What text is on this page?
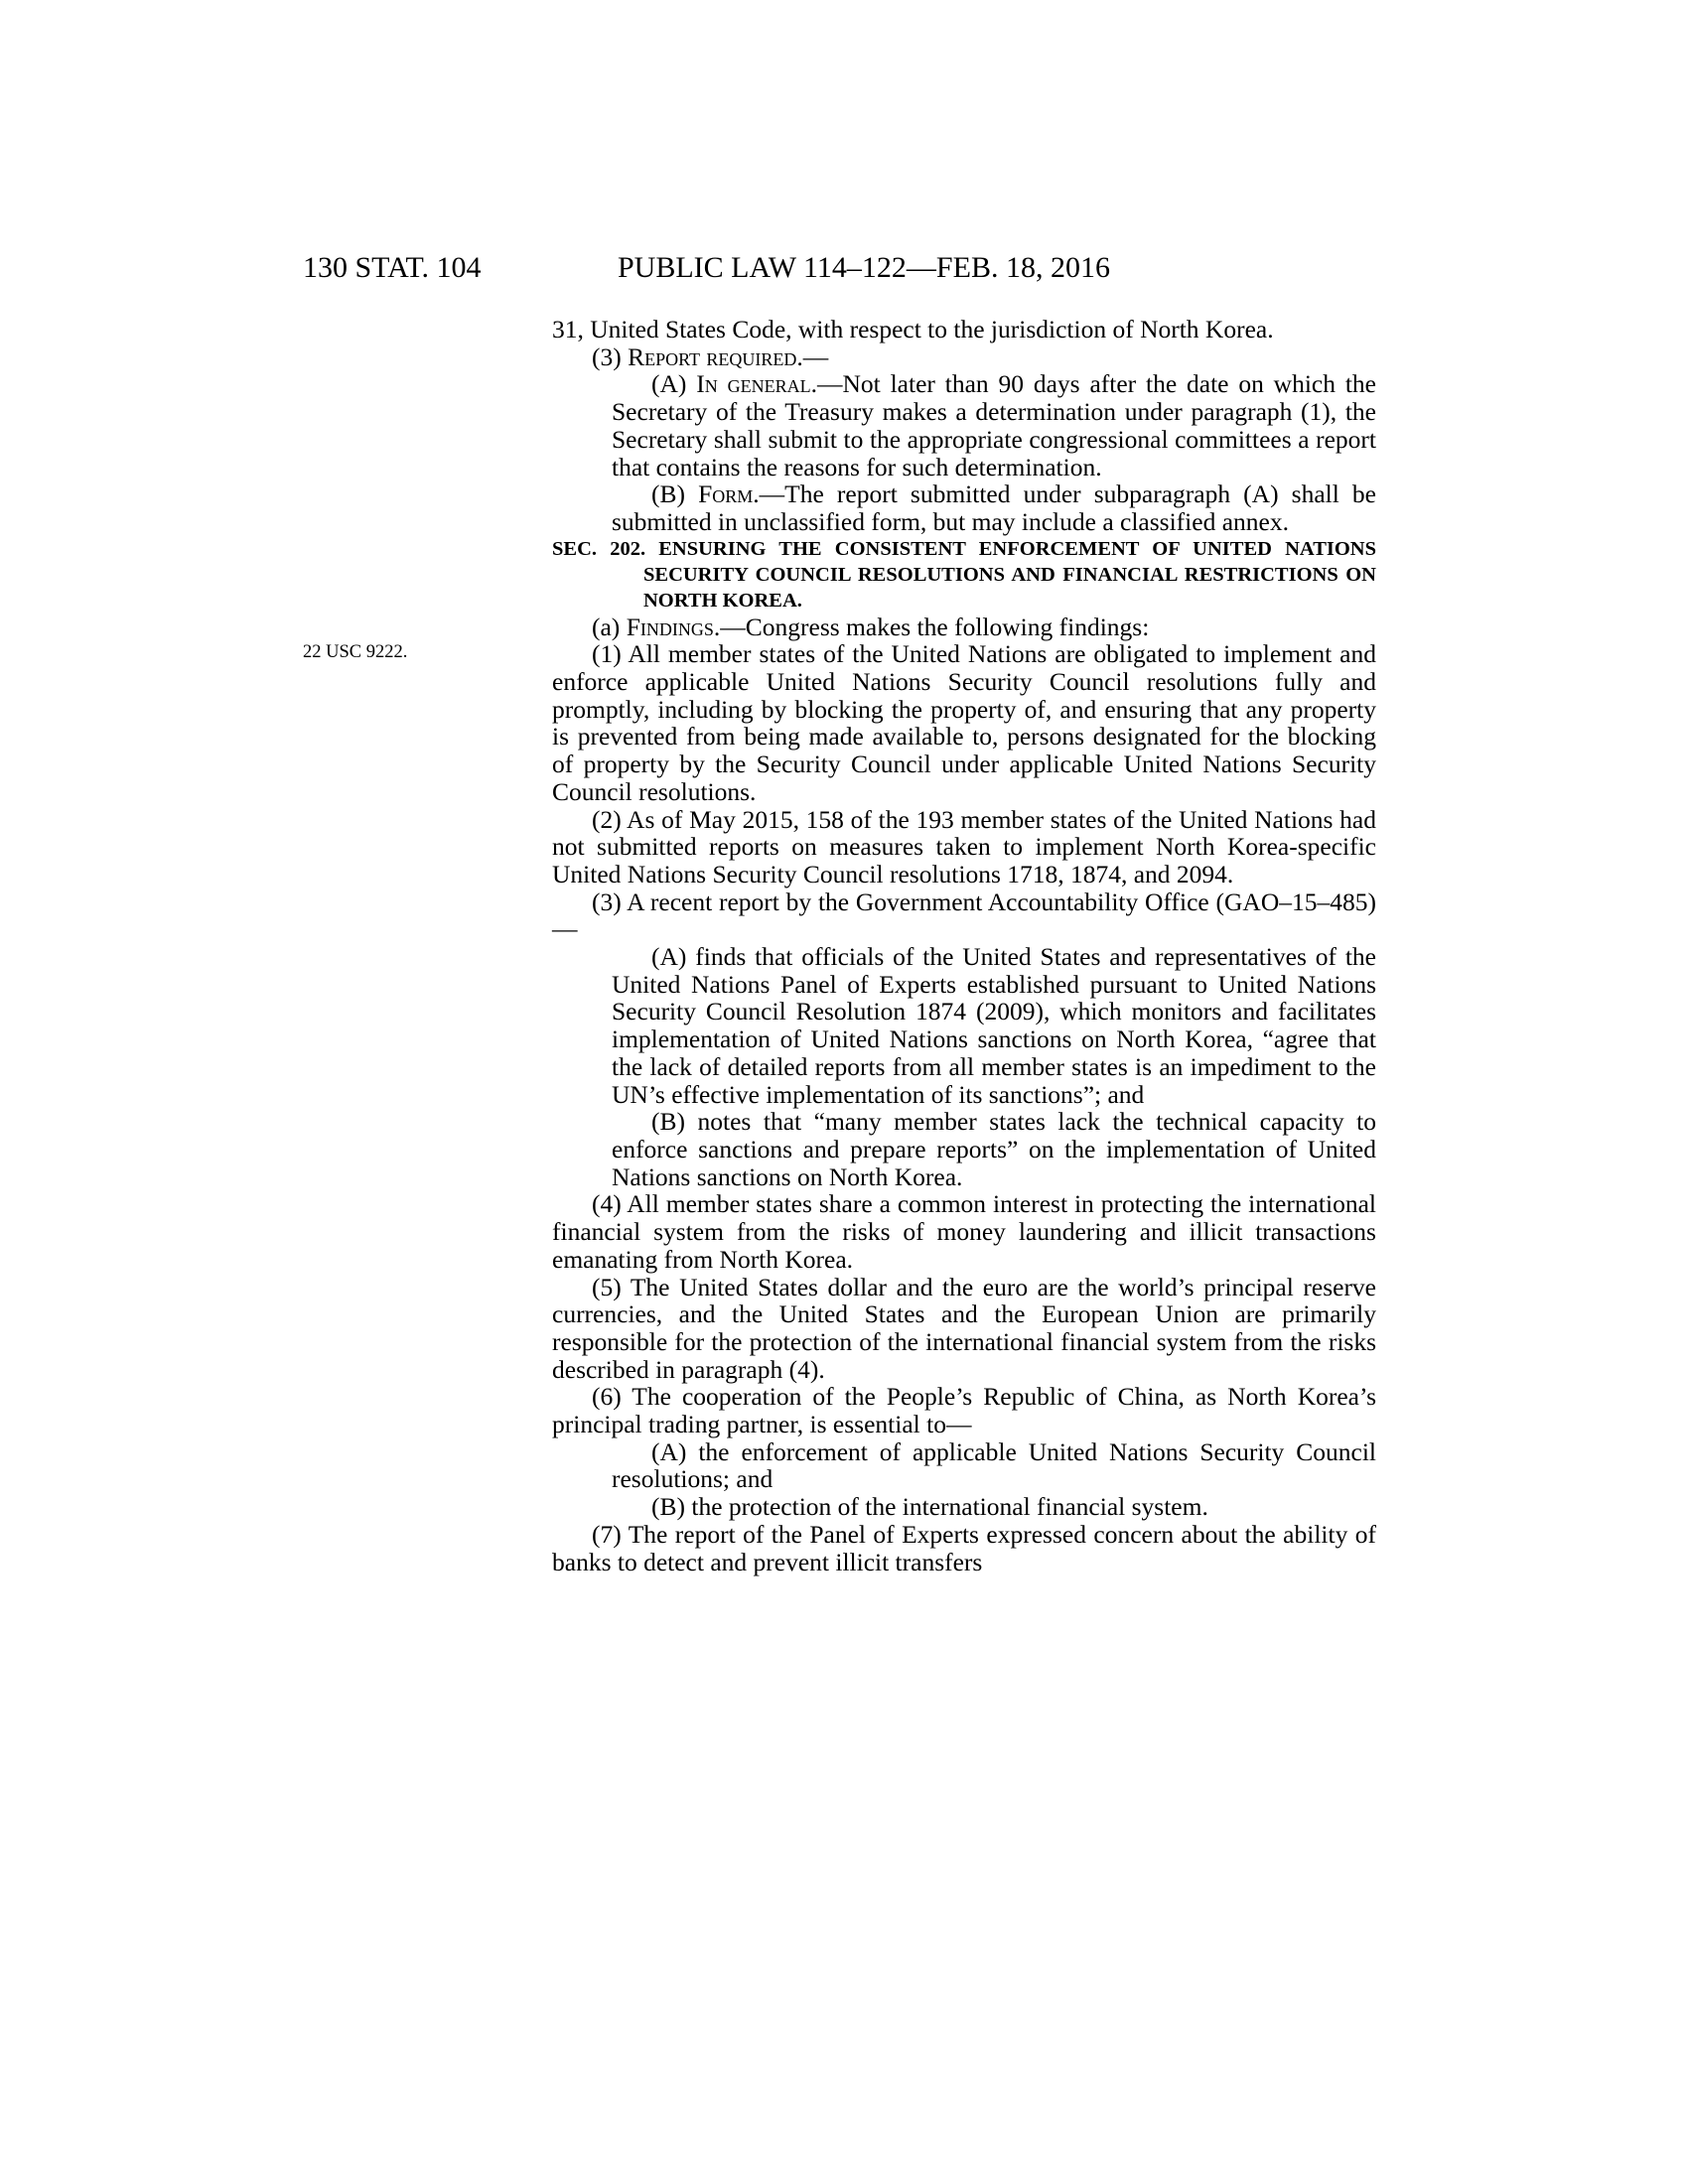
130 STAT. 104	PUBLIC LAW 114–122—FEB. 18, 2016
22 USC 9222.

31, United States Code, with respect to the jurisdiction of North Korea.

(3) Report required.—

(A) In general.—Not later than 90 days after the date on which the Secretary of the Treasury makes a determination under paragraph (1), the Secretary shall submit to the appropriate congressional committees a report that contains the reasons for such determination.

(B) Form.—The report submitted under subparagraph (A) shall be submitted in unclassified form, but may include a classified annex.

SEC. 202. ENSURING THE CONSISTENT ENFORCEMENT OF UNITED NATIONS SECURITY COUNCIL RESOLUTIONS AND FINANCIAL RESTRICTIONS ON NORTH KOREA.

(a) Findings.—Congress makes the following findings:

(1) All member states of the United Nations are obligated to implement and enforce applicable United Nations Security Council resolutions fully and promptly, including by blocking the property of, and ensuring that any property is prevented from being made available to, persons designated for the blocking of property by the Security Council under applicable United Nations Security Council resolutions.

(2) As of May 2015, 158 of the 193 member states of the United Nations had not submitted reports on measures taken to implement North Korea-specific United Nations Security Council resolutions 1718, 1874, and 2094.

(3) A recent report by the Government Accountability Office (GAO–15–485)—

(A) finds that officials of the United States and representatives of the United Nations Panel of Experts established pursuant to United Nations Security Council Resolution 1874 (2009), which monitors and facilitates implementation of United Nations sanctions on North Korea, “agree that the lack of detailed reports from all member states is an impediment to the UN’s effective implementation of its sanctions”; and

(B) notes that “many member states lack the technical capacity to enforce sanctions and prepare reports” on the implementation of United Nations sanctions on North Korea.

(4) All member states share a common interest in protecting the international financial system from the risks of money laundering and illicit transactions emanating from North Korea.

(5) The United States dollar and the euro are the world’s principal reserve currencies, and the United States and the European Union are primarily responsible for the protection of the international financial system from the risks described in paragraph (4).

(6) The cooperation of the People’s Republic of China, as North Korea’s principal trading partner, is essential to—

(A) the enforcement of applicable United Nations Security Council resolutions; and

(B) the protection of the international financial system.

(7) The report of the Panel of Experts expressed concern about the ability of banks to detect and prevent illicit transfers
